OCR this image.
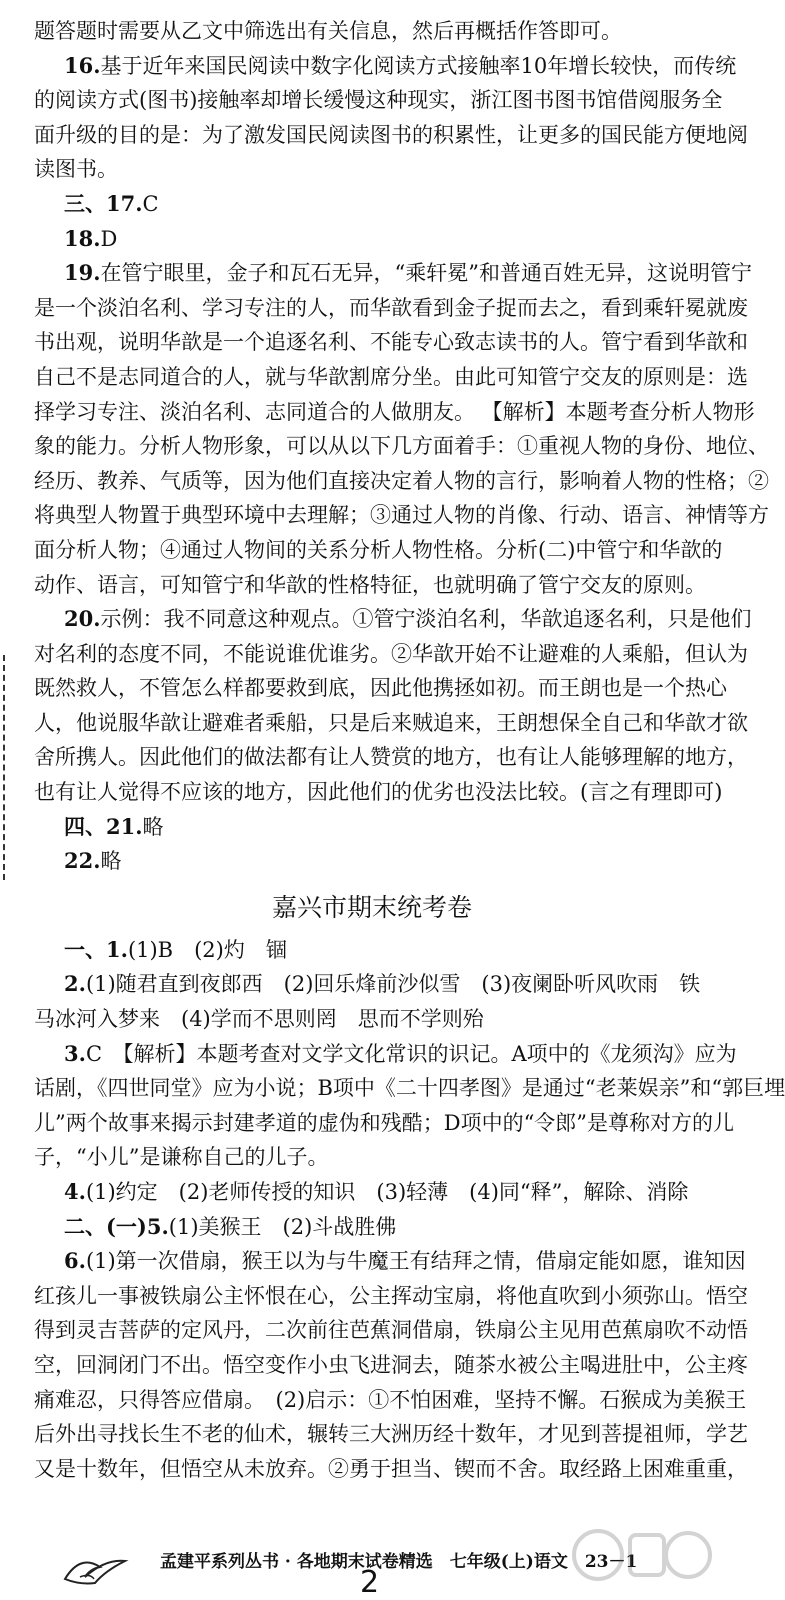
题答题时需要从乙文中筛选出有关信息，然后再概括作答即可。
16.基于近年来国民阅读中数字化阅读方式接触率10年增长较快，而传统
的阅读方式(图书)接触率却增长缓慢这种现实，浙江图书图书馆借阅服务全
面升级的目的是：为了激发国民阅读图书的积累性，让更多的国民能方便地阅
读图书。
三、17.C
18.D
19.在管宁眼里，金子和瓦石无异，“乘轩冕”和普通百姓无异，这说明管宁
是一个淡泊名利、学习专注的人，而华歆看到金子捉而去之，看到乘轩冕就废
书出观，说明华歆是一个追逐名利、不能专心致志读书的人。管宁看到华歆和
自己不是志同道合的人，就与华歆割席分坐。由此可知管宁交友的原则是：选
择学习专注、淡泊名利、志同道合的人做朋友。 【解析】本题考查分析人物形
象的能力。分析人物形象，可以从以下几方面着手：①重视人物的身份、地位、
经历、教养、气质等，因为他们直接决定着人物的言行，影响着人物的性格；②
将典型人物置于典型环境中去理解；③通过人物的肖像、行动、语言、神情等方
面分析人物；④通过人物间的关系分析人物性格。分析(二)中管宁和华歆的
动作、语言，可知管宁和华歆的性格特征，也就明确了管宁交友的原则。
20.示例：我不同意这种观点。①管宁淡泊名利，华歆追逐名利，只是他们
对名利的态度不同，不能说谁优谁劣。②华歆开始不让避难的人乘船，但认为
既然救人，不管怎么样都要救到底，因此他携拯如初。而王朗也是一个热心
人，他说服华歆让避难者乘船，只是后来贼追来，王朗想保全自己和华歆才欲
舍所携人。因此他们的做法都有让人赞赏的地方，也有让人能够理解的地方，
也有让人觉得不应该的地方，因此他们的优劣也没法比较。(言之有理即可)
四、21.略
22.略
嘉兴市期末统考卷
一、1.(1)B　(2)灼　锢
2.(1)随君直到夜郎西　(2)回乐烽前沙似雪　(3)夜阑卧听风吹雨　铁
马冰河入梦来　(4)学而不思则罔　思而不学则殆
3.C　【解析】本题考查对文学文化常识的识记。A项中的《龙须沟》应为
话剧，《四世同堂》应为小说；B项中《二十四孝图》是通过“老莱娱亲”和“郭巨埋
儿”两个故事来揭示封建孝道的虚伪和残酷；D项中的“令郎”是尊称对方的儿
子，“小儿”是谦称自己的儿子。
4.(1)约定　(2)老师传授的知识　(3)轻薄　(4)同“释”，解除、消除
二、(一)5.(1)美猴王　(2)斗战胜佛
6.(1)第一次借扇，猴王以为与牛魔王有结拜之情，借扇定能如愿，谁知因
红孩儿一事被铁扇公主怀恨在心，公主挥动宝扇，将他直吹到小须弥山。悟空
得到灵吉菩萨的定风丹，二次前往芭蕉洞借扇，铁扇公主见用芭蕉扇吹不动悟
空，回洞闭门不出。悟空变作小虫飞进洞去，随茶水被公主喝进肚中，公主疼
痛难忍，只得答应借扇。　(2)启示：①不怕困难，坚持不懈。石猴成为美猴王
后外出寻找长生不老的仙术，辗转三大洲历经十数年，才见到菩提祖师，学艺
又是十数年，但悟空从未放弃。②勇于担当、锲而不舍。取经路上困难重重，
孟建平系列丛书 · 各地期末试卷精选　七年级(上)语文　23－1
2
